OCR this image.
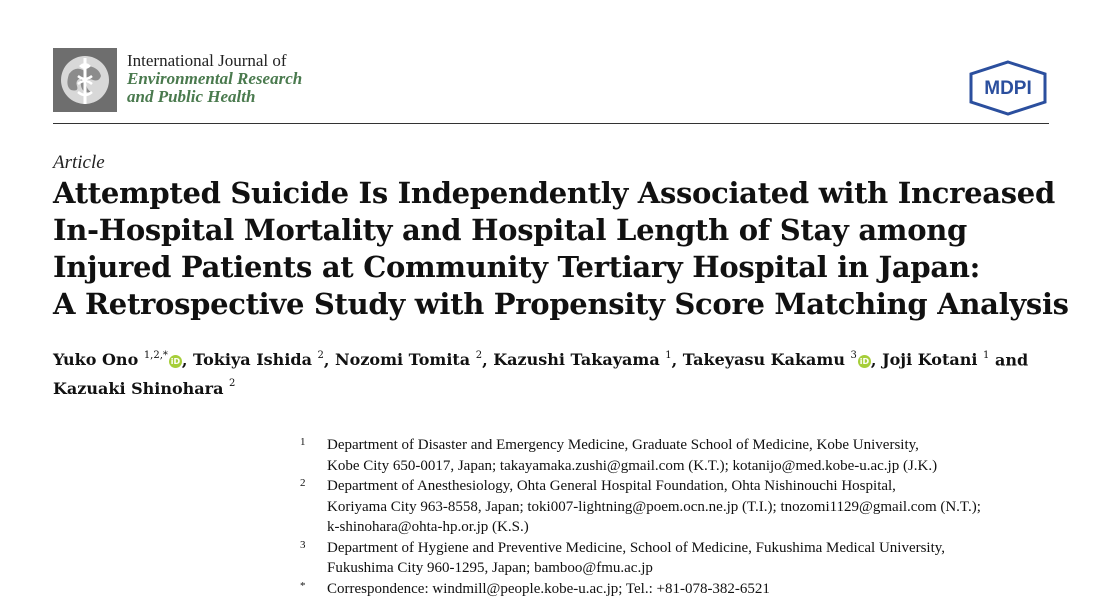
International Journal of
Environmental Research
and Public Health	MDPI
Article
Attempted Suicide Is Independently Associated with Increased
In-Hospital Mortality and Hospital Length of Stay among
Injured Patients at Community Tertiary Hospital in Japan:
A Retrospective Study with Propensity Score Matching Analysis
Yuko Ono $^{1,2,*}$iD , Tokiya Ishida $^2$, Nozomi Tomita $^2$, Kazushi Takayama $^1$, Takeyasu Kakamu $^3$iD , Joji Kotani $^1$ and
Kazuaki Shinohara $^2$
1 Department of Disaster and Emergency Medicine, Graduate School of Medicine, Kobe University,
Kobe City 650-0017, Japan; takayamaka.zushi@gmail.com (K.T.); kotanijo@med.kobe-u.ac.jp (J.K.)
2 Department of Anesthesiology, Ohta General Hospital Foundation, Ohta Nishinouchi Hospital,
Koriyama City 963-8558, Japan; toki007-lightning@poem.ocn.ne.jp (T.I.); tnozomi1129@gmail.com (N.T.);
k-shinohara@ohta-hp.or.jp (K.S.)
3 Department of Hygiene and Preventive Medicine, School of Medicine, Fukushima Medical University,
Fukushima City 960-1295, Japan; bamboo@fmu.ac.jp
* Correspondence: windmill@people.kobe-u.ac.jp; Tel.: +81-078-382-6521
